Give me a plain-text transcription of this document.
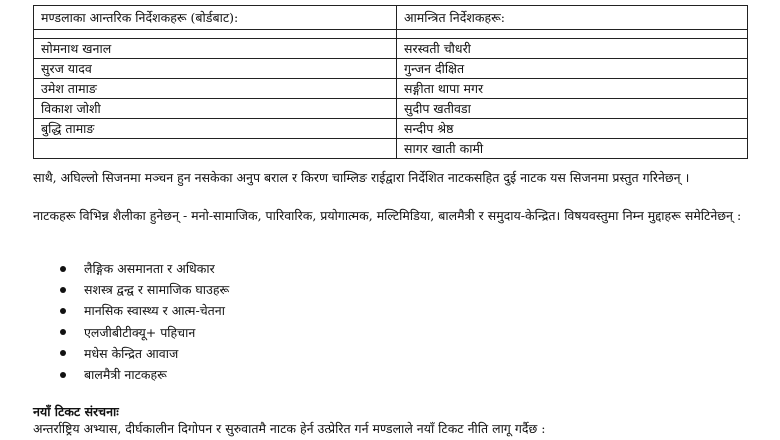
मण्डलाका आन्तरिक निर्देशकहरू (बोर्डबाट):	आमन्त्रित निर्देशकहरू:

सोमनाथ खनाल	सरस्वती चौधरी
सुरज यादव	गुन्जन दीक्षित
उमेश तामाङ	सङ्गीता थापा मगर
विकाश जोशी	सुदीप खतीवडा
बुद्धि तामाङ	सन्दीप श्रेष्ठ
	सागर खाती कामी

साथै, अघिल्लो सिजनमा मञ्चन हुन नसकेका अनुप बराल र किरण चाम्लिङ राईद्वारा निर्देशित नाटकसहित दुई नाटक यस सिजनमा प्रस्तुत गरिनेछन् ।

नाटकहरू विभिन्न शैलीका हुनेछन् - मनो-सामाजिक, पारिवारिक, प्रयोगात्मक, मल्टिमिडिया, बालमैत्री र समुदाय-केन्द्रित। विषयवस्तुमा निम्न मुद्दाहरू समेटिनेछन् :

लैङ्गिक असमानता र अधिकार
सशस्त्र द्वन्द्व र सामाजिक घाउहरू
मानसिक स्वास्थ्य र आत्म-चेतना
एलजीबीटीक्यू+ पहिचान
मधेस केन्द्रित आवाज
बालमैत्री नाटकहरू

नयाँ टिकट संरचनाः

अन्तर्राष्ट्रिय अभ्यास, दीर्घकालीन दिगोपन र सुरुवातमै नाटक हेर्न उत्प्रेरित गर्न मण्डलाले नयाँ टिकट नीति लागू गर्दैछ :
